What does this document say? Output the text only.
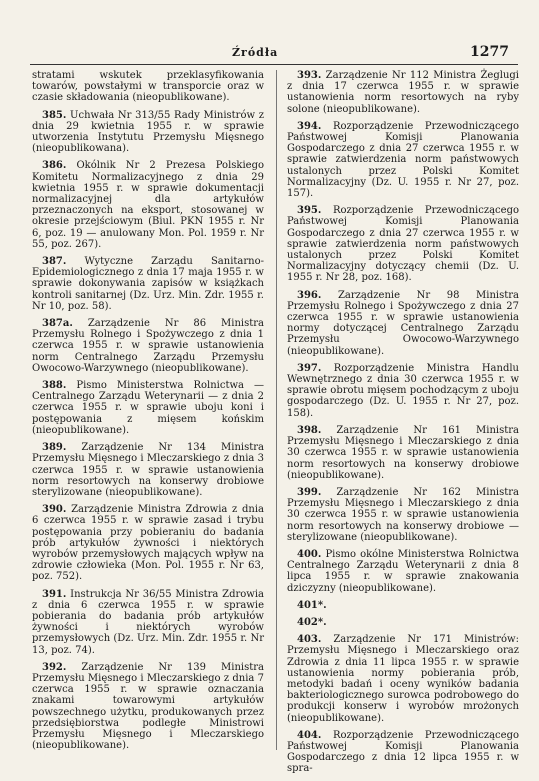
Źródła	1277

stratami wskutek przeklasyfikowania towarów, powstałymi w transporcie oraz w czasie składowania (nieopublikowane).

385. Uchwała Nr 313/55 Rady Ministrów z dnia 29 kwietnia 1955 r. w sprawie utworzenia Instytutu Przemysłu Mięsnego (nieopublikowana).

386. Okólnik Nr 2 Prezesa Polskiego Komitetu Normalizacyjnego z dnia 29 kwietnia 1955 r. w sprawie dokumentacji normalizacyjnej dla artykułów przeznaczonych na eksport, stosowanej w okresie przejściowym (Biul. PKN 1955 r. Nr 6, poz. 19 — anulowany Mon. Pol. 1959 r. Nr 55, poz. 267).

387. Wytyczne Zarządu Sanitarno-Epidemiologicznego z dnia 17 maja 1955 r. w sprawie dokonywania zapisów w książkach kontroli sanitarnej (Dz. Urz. Min. Zdr. 1955 r. Nr 10, poz. 58).

387a. Zarządzenie Nr 86 Ministra Przemysłu Rolnego i Spożywczego z dnia 1 czerwca 1955 r. w sprawie ustanowienia norm Centralnego Zarządu Przemysłu Owocowo-Warzywnego (nieopublikowane).

388. Pismo Ministerstwa Rolnictwa — Centralnego Zarządu Weterynarii — z dnia 2 czerwca 1955 r. w sprawie uboju koni i postępowania z mięsem końskim (nieopublikowane).

389. Zarządzenie Nr 134 Ministra Przemysłu Mięsnego i Mleczarskiego z dnia 3 czerwca 1955 r. w sprawie ustanowienia norm resortowych na konserwy drobiowe sterylizowane (nieopublikowane).

390. Zarządzenie Ministra Zdrowia z dnia 6 czerwca 1955 r. w sprawie zasad i trybu postępowania przy pobieraniu do badania prób artykułów żywności i niektórych wyrobów przemysłowych mających wpływ na zdrowie człowieka (Mon. Pol. 1955 r. Nr 63, poz. 752).

391. Instrukcja Nr 36/55 Ministra Zdrowia z dnia 6 czerwca 1955 r. w sprawie pobierania do badania prób artykułów żywności i niektórych wyrobów przemysłowych (Dz. Urz. Min. Zdr. 1955 r. Nr 13, poz. 74).

392. Zarządzenie Nr 139 Ministra Przemysłu Mięsnego i Mleczarskiego z dnia 7 czerwca 1955 r. w sprawie oznaczania znakami towarowymi artykułów powszechnego użytku, produkowanych przez przedsiębiorstwa podległe Ministrowi Przemysłu Mięsnego i Mleczarskiego (nieopublikowane).

393. Zarządzenie Nr 112 Ministra Żeglugi z dnia 17 czerwca 1955 r. w sprawie ustanowienia norm resortowych na ryby solone (nieopublikowane).

394. Rozporządzenie Przewodniczącego Państwowej Komisji Planowania Gospodarczego z dnia 27 czerwca 1955 r. w sprawie zatwierdzenia norm państwowych ustalonych przez Polski Komitet Normalizacyjny (Dz. U. 1955 r. Nr 27, poz. 157).

395. Rozporządzenie Przewodniczącego Państwowej Komisji Planowania Gospodarczego z dnia 27 czerwca 1955 r. w sprawie zatwierdzenia norm państwowych ustalonych przez Polski Komitet Normalizacyjny dotyczący chemii (Dz. U. 1955 r. Nr 28, poz. 168).

396. Zarządzenie Nr 98 Ministra Przemysłu Rolnego i Spożywczego z dnia 27 czerwca 1955 r. w sprawie ustanowienia normy dotyczącej Centralnego Zarządu Przemysłu Owocowo-Warzywnego (nieopublikowane).

397. Rozporządzenie Ministra Handlu Wewnętrznego z dnia 30 czerwca 1955 r. w sprawie obrotu mięsem pochodzącym z uboju gospodarczego (Dz. U. 1955 r. Nr 27, poz. 158).

398. Zarządzenie Nr 161 Ministra Przemysłu Mięsnego i Mleczarskiego z dnia 30 czerwca 1955 r. w sprawie ustanowienia norm resortowych na konserwy drobiowe (nieopublikowane).

399. Zarządzenie Nr 162 Ministra Przemysłu Mięsnego i Mleczarskiego z dnia 30 czerwca 1955 r. w sprawie ustanowienia norm resortowych na konserwy drobiowe — sterylizowane (nieopublikowane).

400. Pismo okólne Ministerstwa Rolnictwa Centralnego Zarządu Weterynarii z dnia 8 lipca 1955 r. w sprawie znakowania dziczyzny (nieopublikowane).

401*.

402*.

403. Zarządzenie Nr 171 Ministrów: Przemysłu Mięsnego i Mleczarskiego oraz Zdrowia z dnia 11 lipca 1955 r. w sprawie ustanowienia normy pobierania prób, metodyki badań i oceny wyników badania bakteriologicznego surowca podrobowego do produkcji konserw i wyrobów mrożonych (nieopublikowane).

404. Rozporządzenie Przewodniczącego Państwowej Komisji Planowania Gospodarczego z dnia 12 lipca 1955 r. w spra-
